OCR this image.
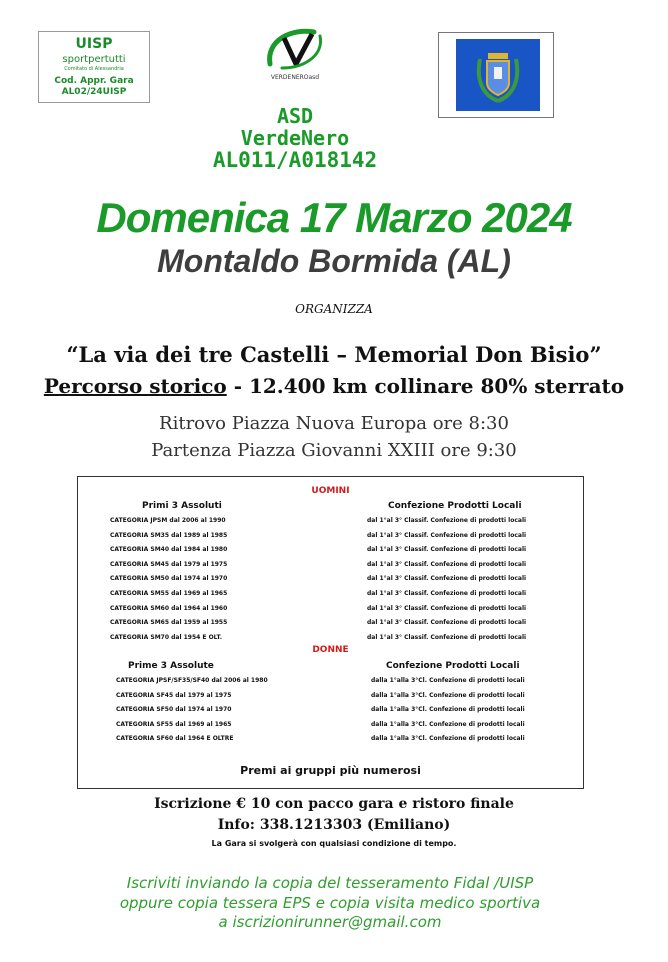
UISP
sportpertutti
Comitato di Alessandria
Cod. Appr. Gara
AL02/24UISP
VERDENEROasd
ASD
VerdeNero
AL011/A018142
Domenica 17 Marzo 2024
Montaldo Bormida (AL)
ORGANIZZA
“La via dei tre Castelli – Memorial Don Bisio”
Percorso storico - 12.400 km collinare 80% sterrato
Ritrovo Piazza Nuova Europa ore 8:30
Partenza Piazza Giovanni XXIII ore 9:30
UOMINI
Primi 3 Assoluti	Confezione Prodotti Locali
CATEGORIA JPSM dal 2006 al 1990
CATEGORIA SM35 dal 1989 al 1985
CATEGORIA SM40 dal 1984 al 1980
CATEGORIA SM45 dal 1979 al 1975
CATEGORIA SM50 dal 1974 al 1970
CATEGORIA SM55 dal 1969 al 1965
CATEGORIA SM60 dal 1964 al 1960
CATEGORIA SM65 dal 1959 al 1955
CATEGORIA SM70 dal 1954 E OLT.
dal 1°al 3° Classif. Confezione di prodotti locali
dal 1°al 3° Classif. Confezione di prodotti locali
dal 1°al 3° Classif. Confezione di prodotti locali
dal 1°al 3° Classif. Confezione di prodotti locali
dal 1°al 3° Classif. Confezione di prodotti locali
dal 1°al 3° Classif. Confezione di prodotti locali
dal 1°al 3° Classif. Confezione di prodotti locali
dal 1°al 3° Classif. Confezione di prodotti locali
dal 1°al 3° Classif. Confezione di prodotti locali
DONNE
Prime 3 Assolute	Confezione Prodotti Locali
CATEGORIA JPSF/SF35/SF40 dal 2006 al 1980
CATEGORIA SF45 dal 1979 al 1975
CATEGORIA SF50 dal 1974 al 1970
CATEGORIA SF55 dal 1969 al 1965
CATEGORIA SF60 dal 1964 E OLTRE
dalla 1°alla 3°Cl. Confezione di prodotti locali
dalla 1°alla 3°Cl. Confezione di prodotti locali
dalla 1°alla 3°Cl. Confezione di prodotti locali
dalla 1°alla 3°Cl. Confezione di prodotti locali
dalla 1°alla 3°Cl. Confezione di prodotti locali
Premi ai gruppi più numerosi
Iscrizione € 10 con pacco gara e ristoro finale
Info: 338.1213303 (Emiliano)
La Gara si svolgerà con qualsiasi condizione di tempo.
Iscriviti inviando la copia del tesseramento Fidal /UISP
oppure copia tessera EPS e copia visita medico sportiva
a iscrizionirunner@gmail.com
